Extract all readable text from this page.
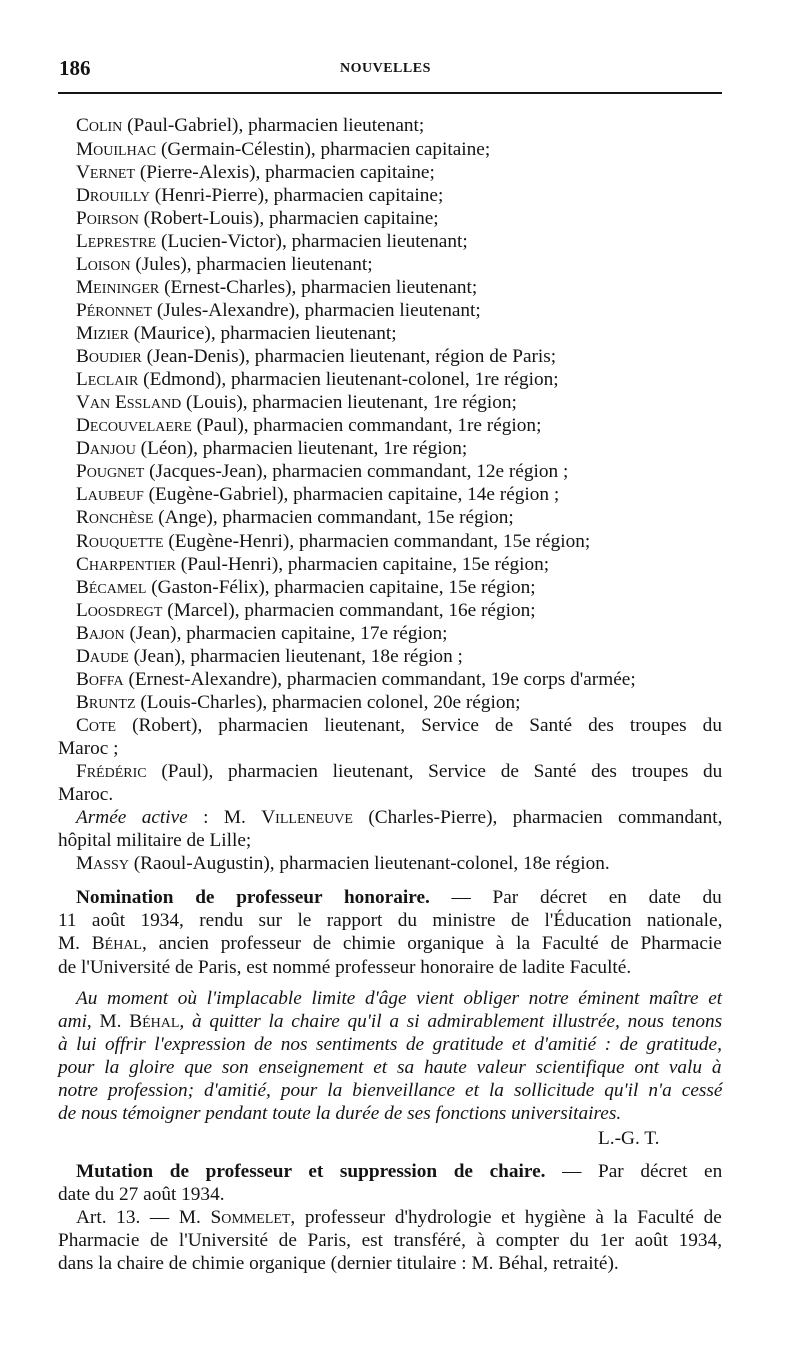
186	NOUVELLES
Colin (Paul-Gabriel), pharmacien lieutenant;
Mouilhac (Germain-Célestin), pharmacien capitaine;
Vernet (Pierre-Alexis), pharmacien capitaine;
Drouilly (Henri-Pierre), pharmacien capitaine;
Poirson (Robert-Louis), pharmacien capitaine;
Leprestre (Lucien-Victor), pharmacien lieutenant;
Loison (Jules), pharmacien lieutenant;
Meininger (Ernest-Charles), pharmacien lieutenant;
Péronnet (Jules-Alexandre), pharmacien lieutenant;
Mizier (Maurice), pharmacien lieutenant;
Boudier (Jean-Denis), pharmacien lieutenant, région de Paris;
Leclair (Edmond), pharmacien lieutenant-colonel, 1re région;
Van Essland (Louis), pharmacien lieutenant, 1re région;
Decouvelaere (Paul), pharmacien commandant, 1re région;
Danjou (Léon), pharmacien lieutenant, 1re région;
Pougnet (Jacques-Jean), pharmacien commandant, 12e région ;
Laubeuf (Eugène-Gabriel), pharmacien capitaine, 14e région ;
Ronchèse (Ange), pharmacien commandant, 15e région;
Rouquette (Eugène-Henri), pharmacien commandant, 15e région;
Charpentier (Paul-Henri), pharmacien capitaine, 15e région;
Bécamel (Gaston-Félix), pharmacien capitaine, 15e région;
Loosdregt (Marcel), pharmacien commandant, 16e région;
Bajon (Jean), pharmacien capitaine, 17e région;
Daude (Jean), pharmacien lieutenant, 18e région ;
Boffa (Ernest-Alexandre), pharmacien commandant, 19e corps d'armée;
Bruntz (Louis-Charles), pharmacien colonel, 20e région;
Cote (Robert), pharmacien lieutenant, Service de Santé des troupes du
Maroc ;
Frédéric (Paul), pharmacien lieutenant, Service de Santé des troupes du
Maroc.
Armée active : M. Villeneuve (Charles-Pierre), pharmacien commandant,
hôpital militaire de Lille;
Massy (Raoul-Augustin), pharmacien lieutenant-colonel, 18e région.
Nomination de professeur honoraire. — Par décret en date du
11 août 1934, rendu sur le rapport du ministre de l'Éducation nationale,
M. Béhal, ancien professeur de chimie organique à la Faculté de Pharmacie
de l'Université de Paris, est nommé professeur honoraire de ladite Faculté.
Au moment où l'implacable limite d'âge vient obliger notre éminent maître et
ami, M. Béhal, à quitter la chaire qu'il a si admirablement illustrée, nous tenons
à lui offrir l'expression de nos sentiments de gratitude et d'amitié : de gratitude,
pour la gloire que son enseignement et sa haute valeur scientifique ont valu à
notre profession; d'amitié, pour la bienveillance et la sollicitude qu'il n'a cessé
de nous témoigner pendant toute la durée de ses fonctions universitaires.
Mutation de professeur et suppression de chaire. — Par décret en
date du 27 août 1934.
Art. 13. — M. Sommelet, professeur d'hydrologie et hygiène à la Faculté de
Pharmacie de l'Université de Paris, est transféré, à compter du 1er août 1934,
dans la chaire de chimie organique (dernier titulaire : M. Béhal, retraité).
L.-G. T.
